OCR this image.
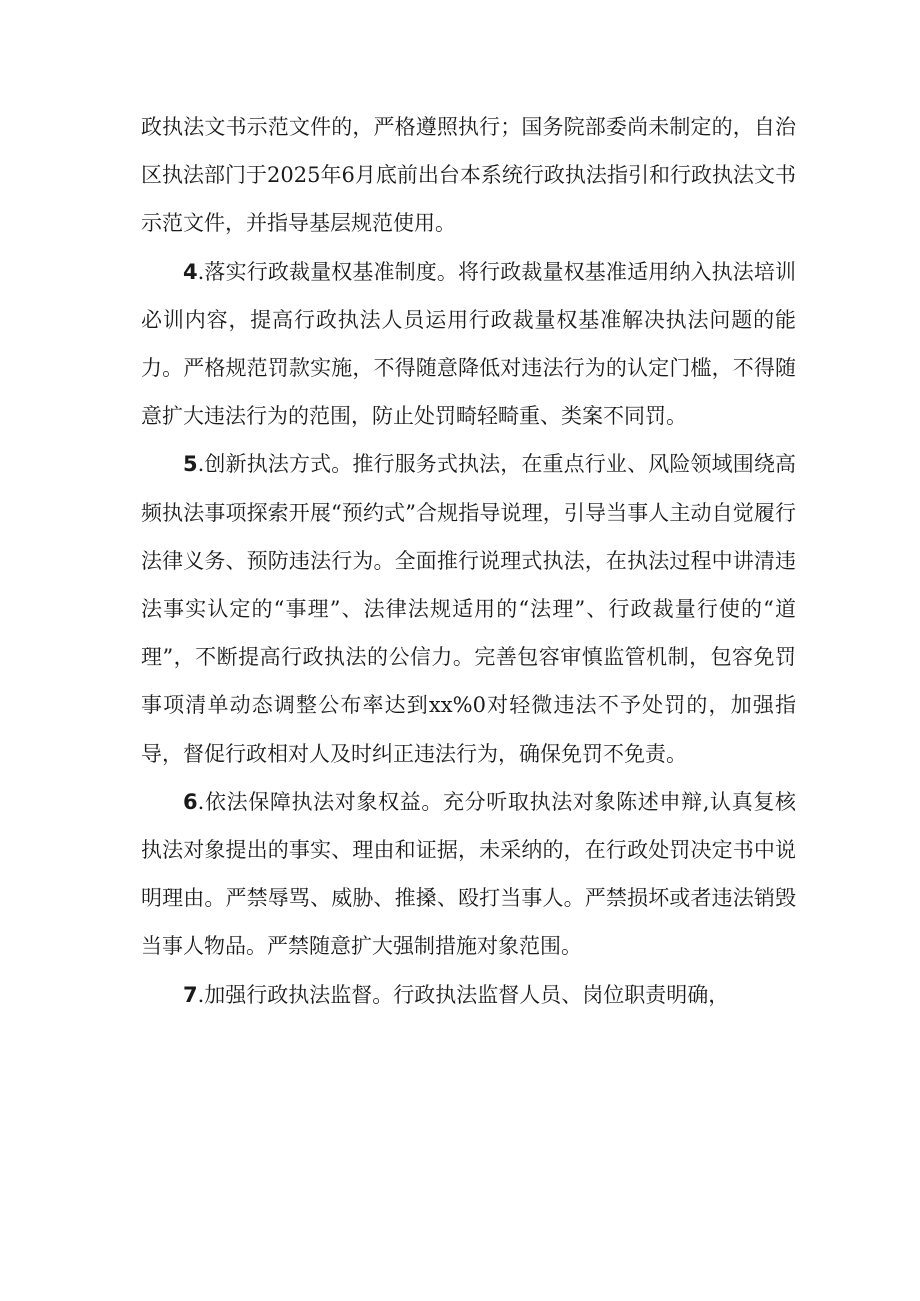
政执法文书示范文件的，严格遵照执行；国务院部委尚未制定的，自治区执法部门于2025年6月底前出台本系统行政执法指引和行政执法文书示范文件，并指导基层规范使用。

4.落实行政裁量权基准制度。将行政裁量权基准适用纳入执法培训必训内容，提高行政执法人员运用行政裁量权基准解决执法问题的能力。严格规范罚款实施，不得随意降低对违法行为的认定门槛，不得随意扩大违法行为的范围，防止处罚畸轻畸重、类案不同罚。

5.创新执法方式。推行服务式执法，在重点行业、风险领域围绕高频执法事项探索开展“预约式”合规指导说理，引导当事人主动自觉履行法律义务、预防违法行为。全面推行说理式执法，在执法过程中讲清违法事实认定的“事理”、法律法规适用的“法理”、行政裁量行使的“道理”，不断提高行政执法的公信力。完善包容审慎监管机制，包容免罚事项清单动态调整公布率达到xx%0对轻微违法不予处罚的，加强指导，督促行政相对人及时纠正违法行为，确保免罚不免责。

6.依法保障执法对象权益。充分听取执法对象陈述申辩,认真复核执法对象提出的事实、理由和证据，未采纳的，在行政处罚决定书中说明理由。严禁辱骂、威胁、推搡、殴打当事人。严禁损坏或者违法销毁当事人物品。严禁随意扩大强制措施对象范围。

7.加强行政执法监督。行政执法监督人员、岗位职责明确，
